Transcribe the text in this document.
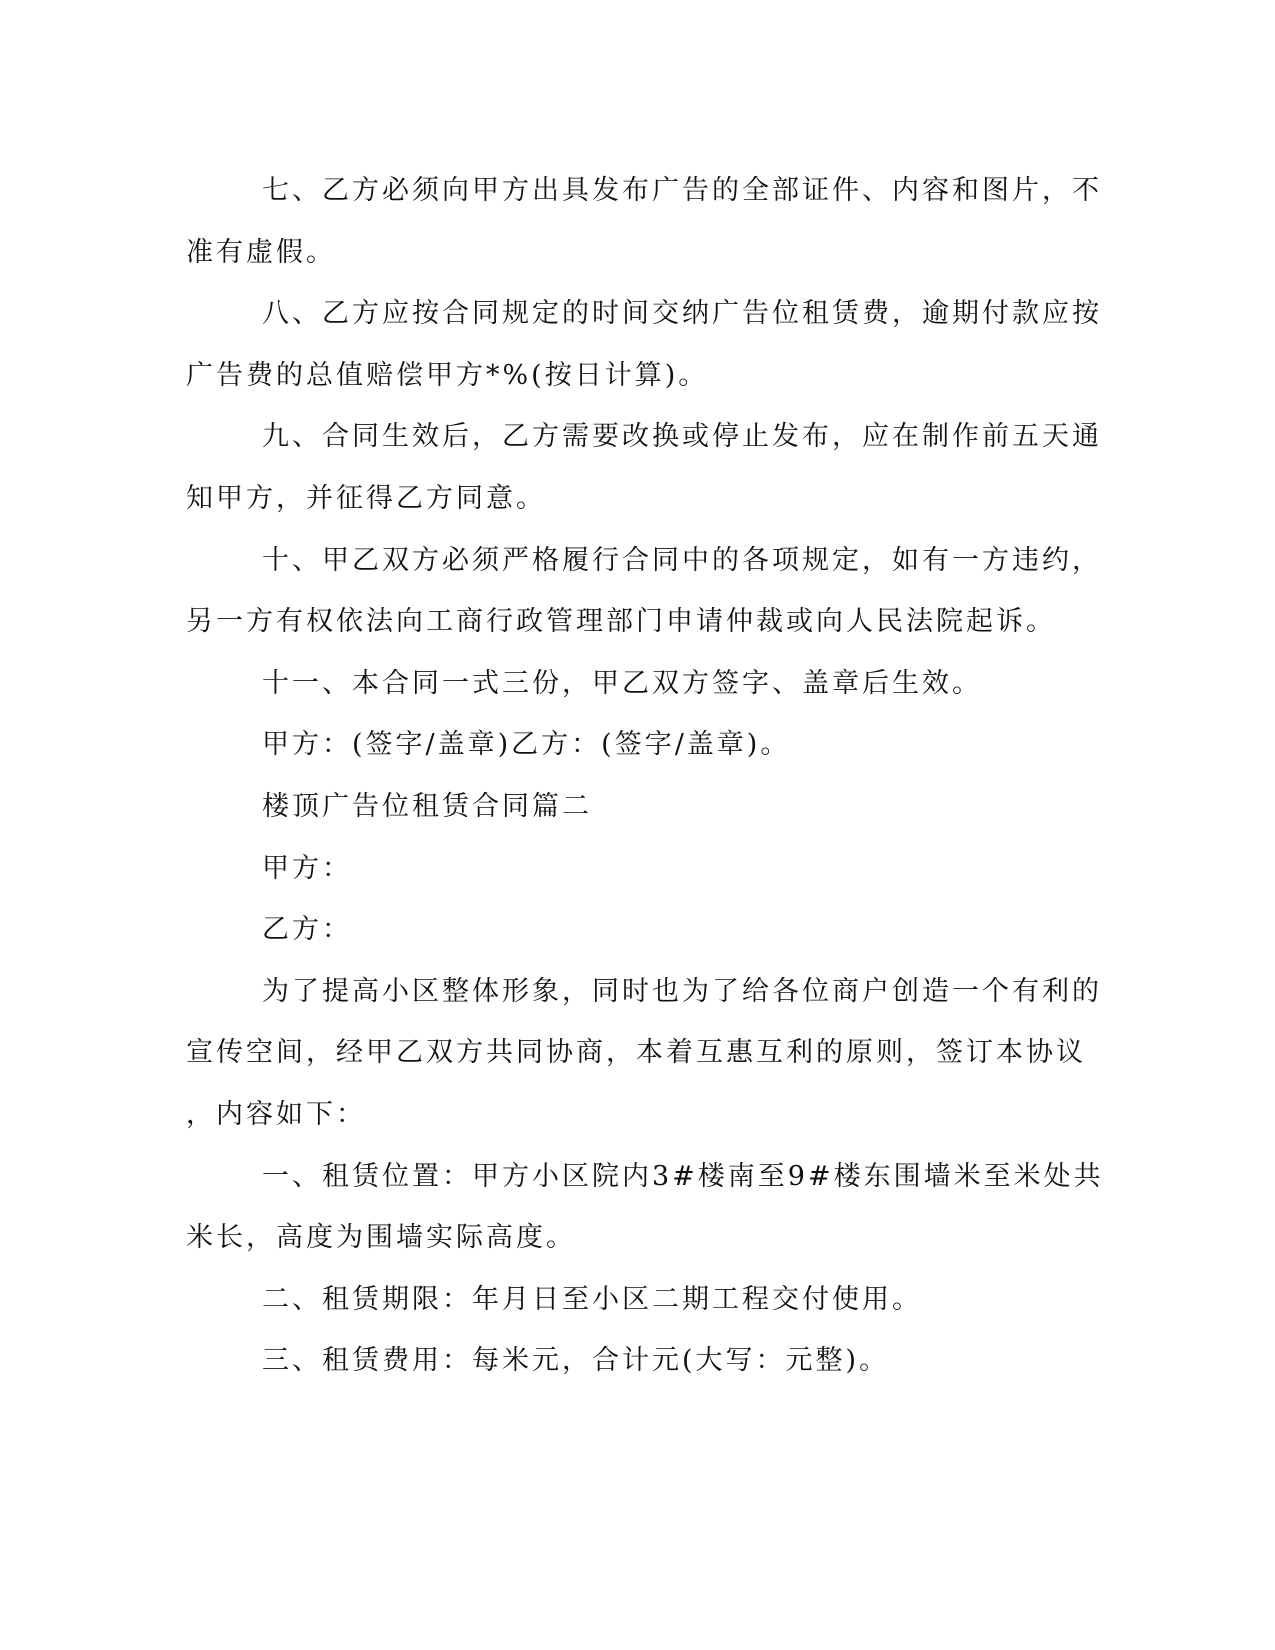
七、乙方必须向甲方出具发布广告的全部证件、内容和图片，不
准有虚假。
八、乙方应按合同规定的时间交纳广告位租赁费，逾期付款应按
广告费的总值赔偿甲方*%(按日计算)。
九、合同生效后，乙方需要改换或停止发布，应在制作前五天通
知甲方，并征得乙方同意。
十、甲乙双方必须严格履行合同中的各项规定，如有一方违约，
另一方有权依法向工商行政管理部门申请仲裁或向人民法院起诉。
十一、本合同一式三份，甲乙双方签字、盖章后生效。
甲方：(签字/盖章)乙方：(签字/盖章)。
楼顶广告位租赁合同篇二
甲方：
乙方：
为了提高小区整体形象，同时也为了给各位商户创造一个有利的
宣传空间，经甲乙双方共同协商，本着互惠互利的原则，签订本协议
，内容如下：
一、租赁位置：甲方小区院内3#楼南至9#楼东围墙米至米处共
米长，高度为围墙实际高度。
二、租赁期限：年月日至小区二期工程交付使用。
三、租赁费用：每米元，合计元(大写：元整)。
